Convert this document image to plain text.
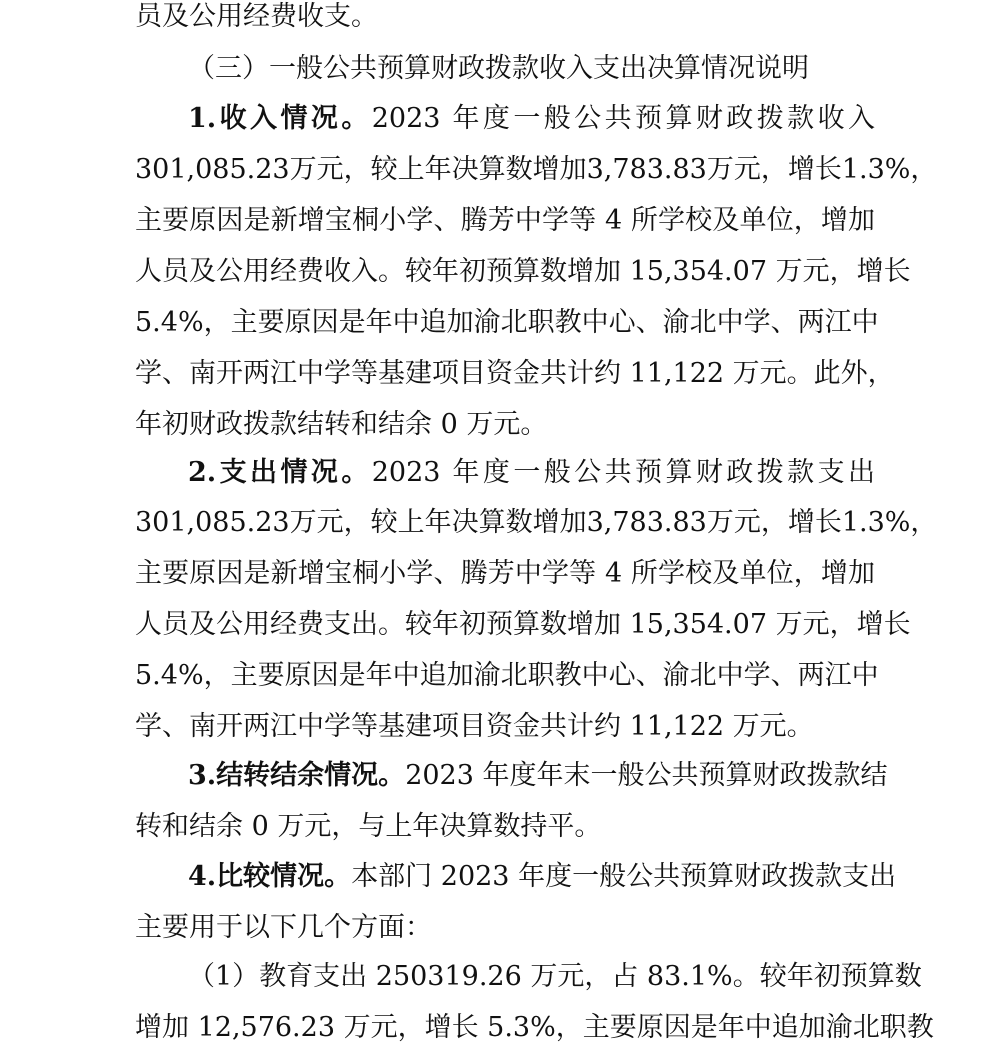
员及公用经费收支。
（三）一般公共预算财政拨款收入支出决算情况说明
1.收入情况。2023 年度一般公共预算财政拨款收入
301,085.23万元，较上年决算数增加3,783.83万元，增长1.3%，
主要原因是新增宝桐小学、腾芳中学等 4 所学校及单位，增加
人员及公用经费收入。较年初预算数增加 15,354.07 万元，增长
5.4%，主要原因是年中追加渝北职教中心、渝北中学、两江中
学、南开两江中学等基建项目资金共计约 11,122 万元。此外，
年初财政拨款结转和结余 0 万元。
2.支出情况。2023 年度一般公共预算财政拨款支出
301,085.23万元，较上年决算数增加3,783.83万元，增长1.3%，
主要原因是新增宝桐小学、腾芳中学等 4 所学校及单位，增加
人员及公用经费支出。较年初预算数增加 15,354.07 万元，增长
5.4%，主要原因是年中追加渝北职教中心、渝北中学、两江中
学、南开两江中学等基建项目资金共计约 11,122 万元。
3.结转结余情况。2023 年度年末一般公共预算财政拨款结
转和结余 0 万元，与上年决算数持平。
4.比较情况。本部门 2023 年度一般公共预算财政拨款支出
主要用于以下几个方面：
（1）教育支出 250319.26 万元，占 83.1%。较年初预算数
增加 12,576.23 万元，增长 5.3%，主要原因是年中追加渝北职教
